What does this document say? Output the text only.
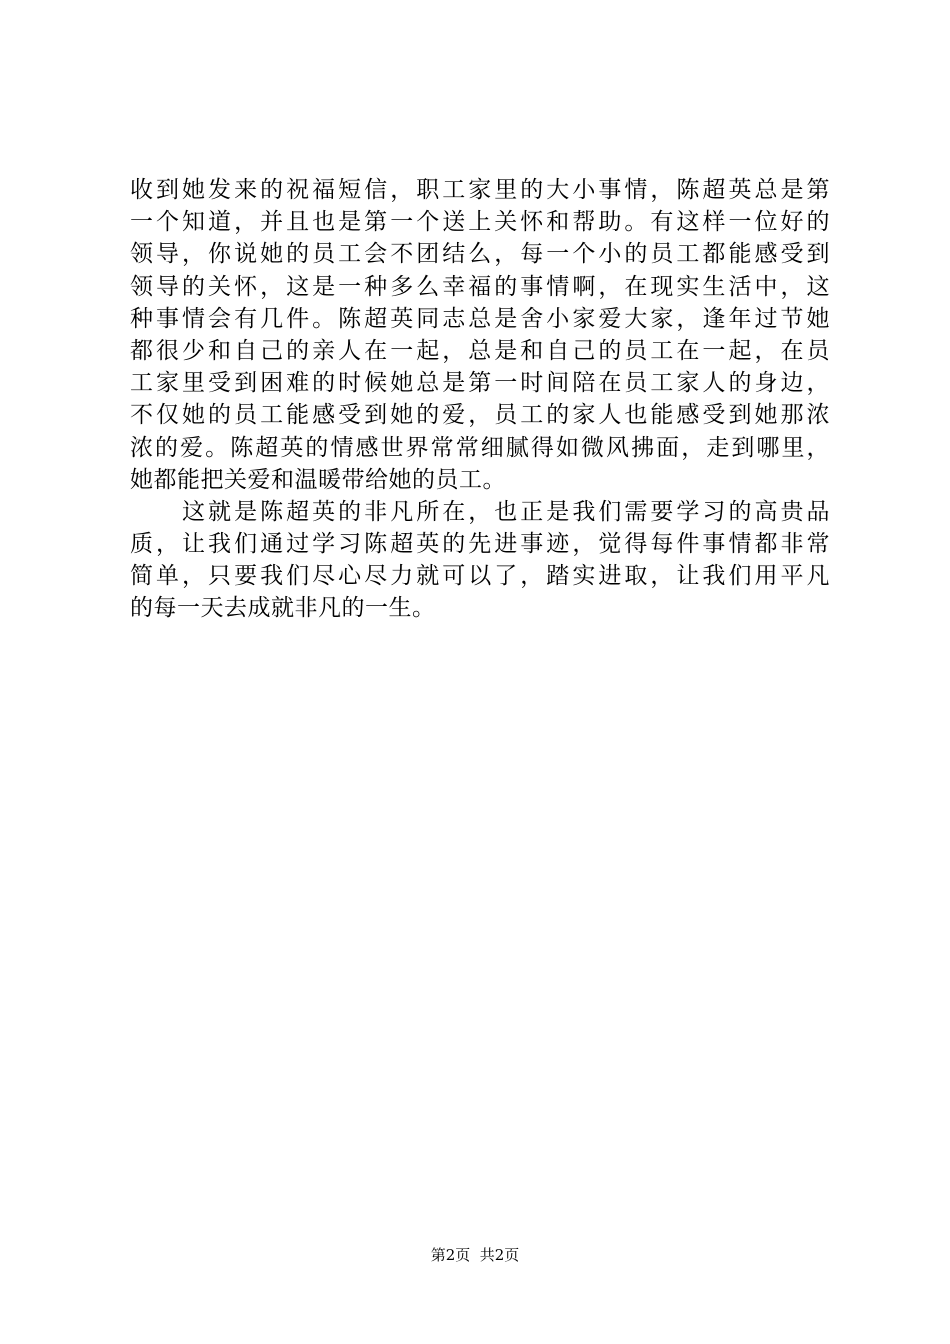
收到她发来的祝福短信，职工家里的大小事情，陈超英总是第
一个知道，并且也是第一个送上关怀和帮助。有这样一位好的
领导，你说她的员工会不团结么，每一个小的员工都能感受到
领导的关怀，这是一种多么幸福的事情啊，在现实生活中，这
种事情会有几件。陈超英同志总是舍小家爱大家，逢年过节她
都很少和自己的亲人在一起，总是和自己的员工在一起，在员
工家里受到困难的时候她总是第一时间陪在员工家人的身边，
不仅她的员工能感受到她的爱，员工的家人也能感受到她那浓
浓的爱。陈超英的情感世界常常细腻得如微风拂面，走到哪里，
她都能把关爱和温暖带给她的员工。
　　这就是陈超英的非凡所在，也正是我们需要学习的高贵品
质，让我们通过学习陈超英的先进事迹，觉得每件事情都非常
简单，只要我们尽心尽力就可以了，踏实进取，让我们用平凡
的每一天去成就非凡的一生。
第2页  共2页
